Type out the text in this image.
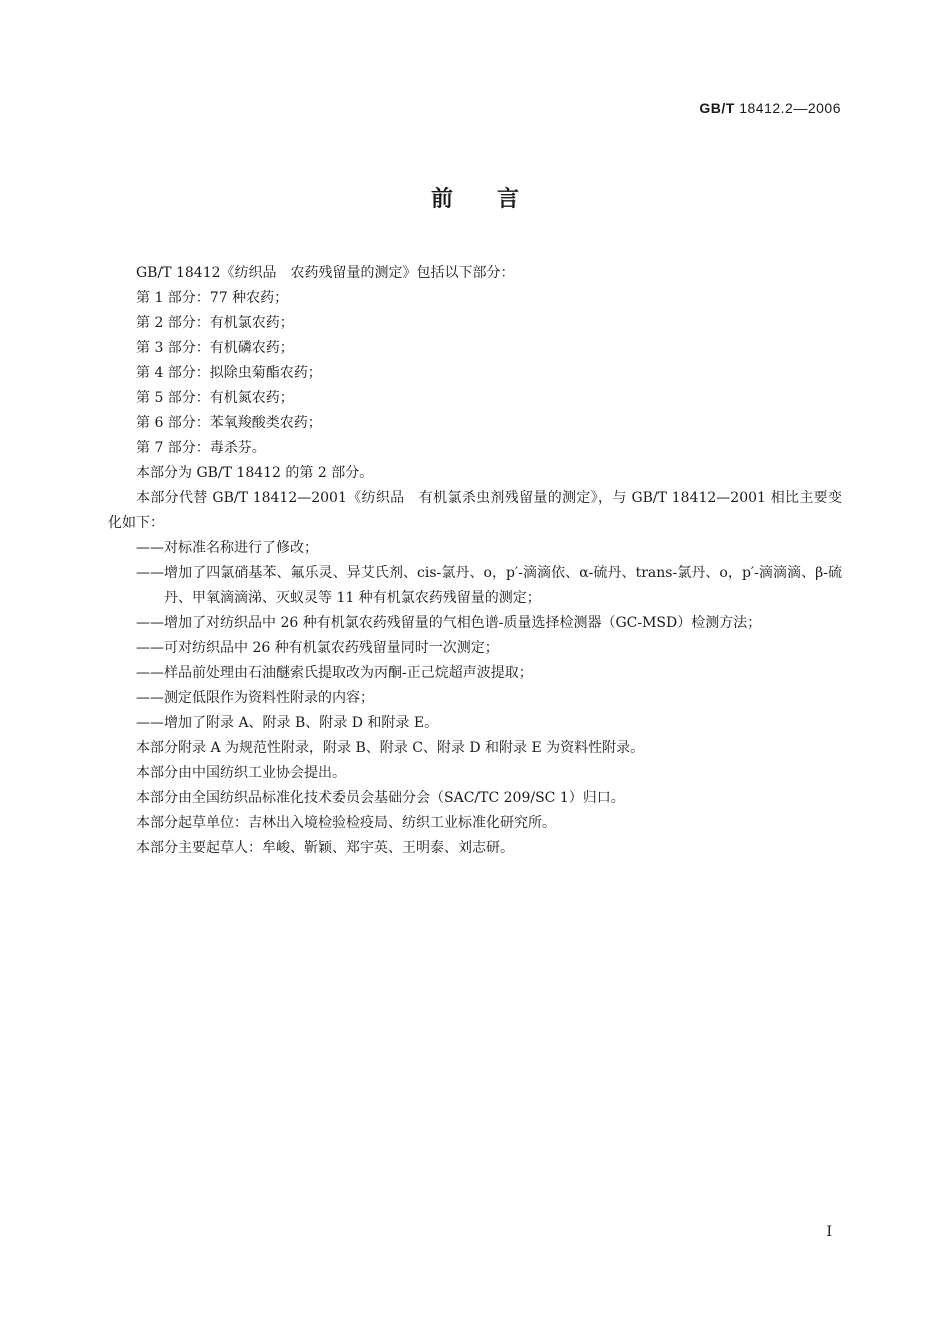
GB/T 18412.2—2006
前言

GB/T 18412《纺织品　农药残留量的测定》包括以下部分：

第 1 部分：77 种农药；

第 2 部分：有机氯农药；

第 3 部分：有机磷农药；

第 4 部分：拟除虫菊酯农药；

第 5 部分：有机氮农药；

第 6 部分：苯氧羧酸类农药；

第 7 部分：毒杀芬。

本部分为 GB/T 18412 的第 2 部分。

本部分代替 GB/T 18412—2001《纺织品　有机氯杀虫剂残留量的测定》，与 GB/T 18412—2001 相比主要变化如下：

——对标准名称进行了修改；

——增加了四氯硝基苯、氟乐灵、异艾氏剂、cis-氯丹、o，p′-滴滴依、α-硫丹、trans-氯丹、o，p′-滴滴滴、β-硫丹、甲氧滴滴涕、灭蚁灵等 11 种有机氯农药残留量的测定；

——增加了对纺织品中 26 种有机氯农药残留量的气相色谱-质量选择检测器（GC-MSD）检测方法；

——可对纺织品中 26 种有机氯农药残留量同时一次测定；

——样品前处理由石油醚索氏提取改为丙酮-正己烷超声波提取；

——测定低限作为资料性附录的内容；

——增加了附录 A、附录 B、附录 D 和附录 E。

本部分附录 A 为规范性附录，附录 B、附录 C、附录 D 和附录 E 为资料性附录。

本部分由中国纺织工业协会提出。

本部分由全国纺织品标准化技术委员会基础分会（SAC/TC 209/SC 1）归口。

本部分起草单位：吉林出入境检验检疫局、纺织工业标准化研究所。

本部分主要起草人：牟峻、靳颖、郑宇英、王明泰、刘志研。

I
